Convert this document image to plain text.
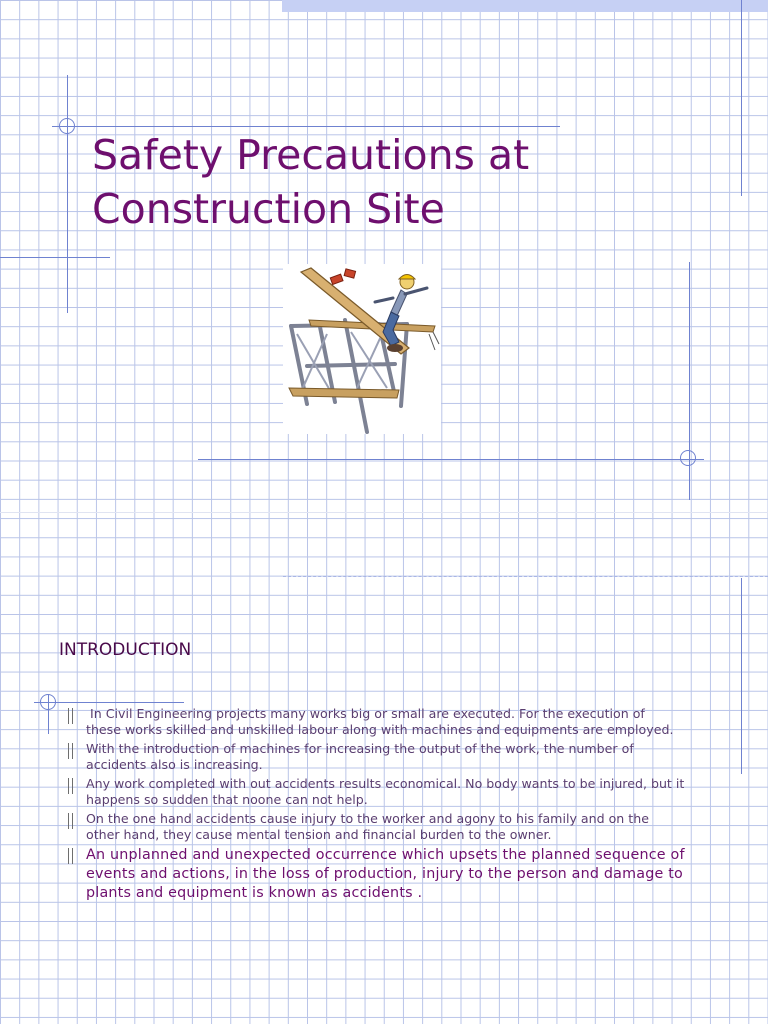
Safety Precautions at
Construction Site
INTRODUCTION
In Civil Engineering projects many works big or small are executed. For the execution of
these works skilled and unskilled labour along with machines and equipments are employed.
With the introduction of machines for increasing the output of the work, the number of
accidents also is increasing.
Any work completed with out accidents results economical. No body wants to be injured, but it
happens so sudden that noone can not help.
On the one hand accidents cause injury to the worker and agony to his family and on the
other hand, they cause mental tension and financial burden to the owner.
An unplanned and unexpected occurrence which upsets the planned sequence of
events and actions, in the loss of production, injury to the person and damage to
plants and equipment is known as accidents .
